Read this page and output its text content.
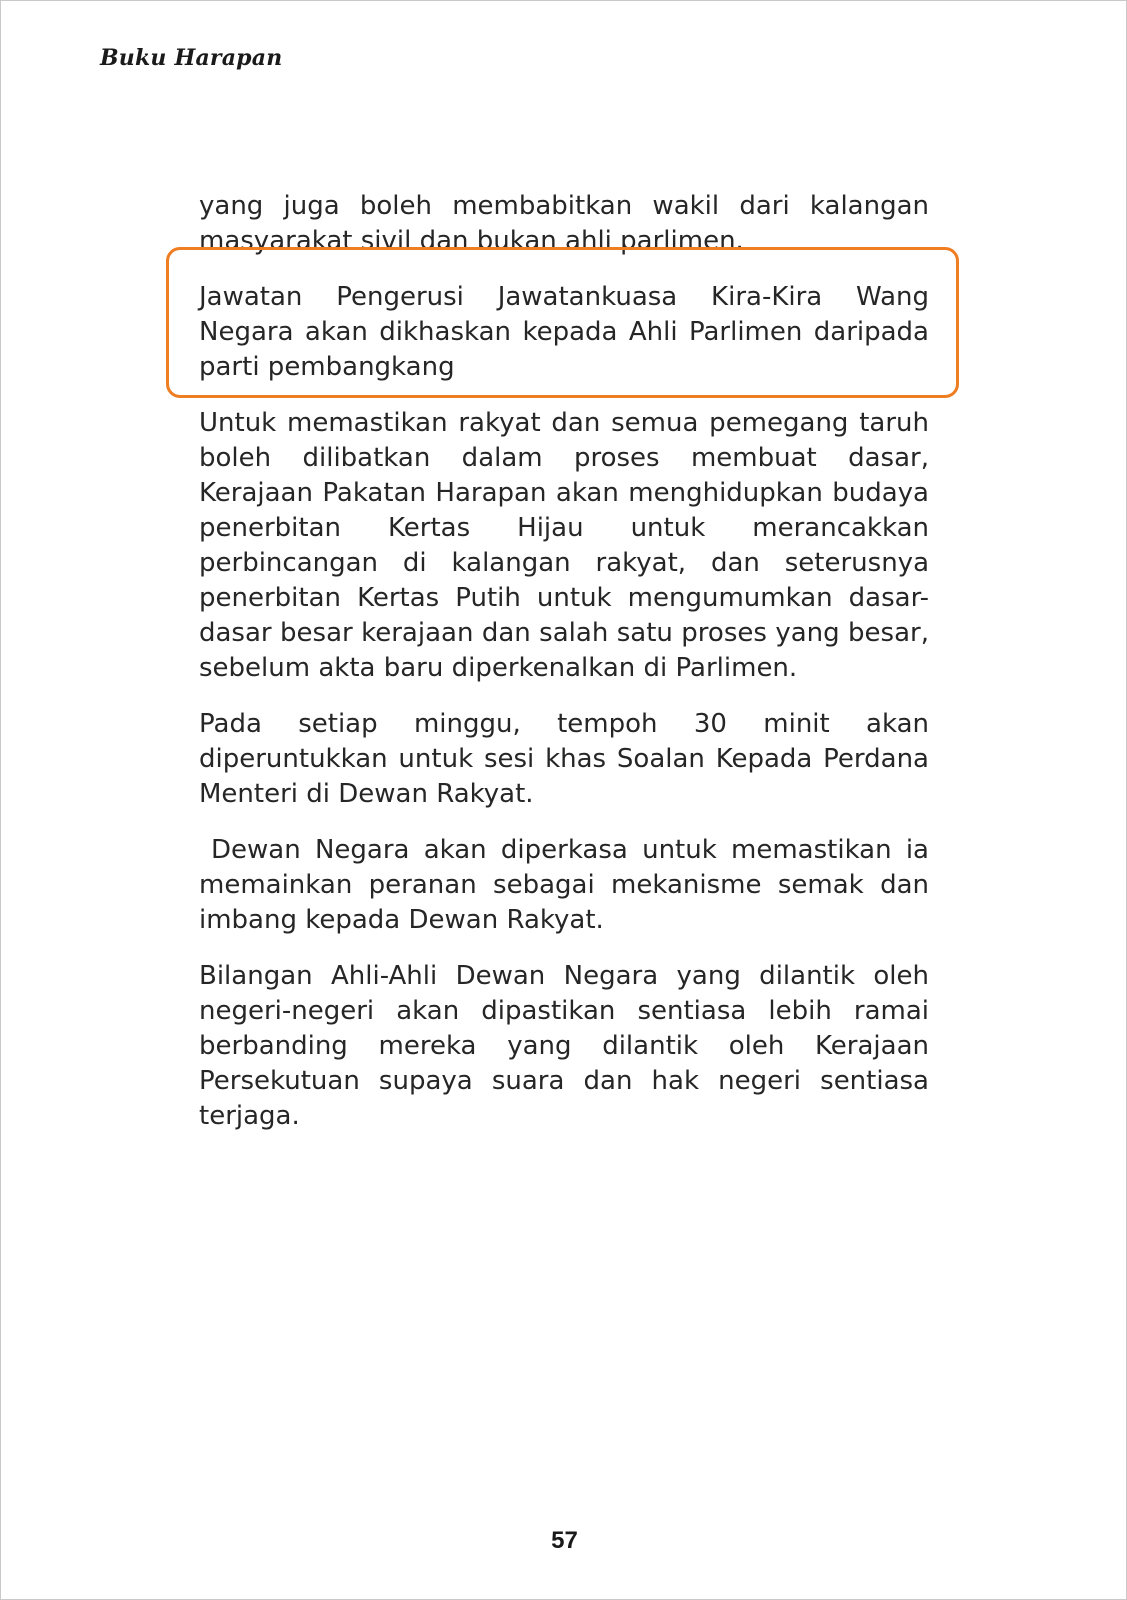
Buku Harapan

yang juga boleh membabitkan wakil dari kalangan masyarakat sivil dan bukan ahli parlimen.

Jawatan Pengerusi Jawatankuasa Kira-Kira Wang Negara akan dikhaskan kepada Ahli Parlimen daripada parti pembangkang

Untuk memastikan rakyat dan semua pemegang taruh boleh dilibatkan dalam proses membuat dasar, Kerajaan Pakatan Harapan akan menghidupkan budaya penerbitan Kertas Hijau untuk merancakkan perbincangan di kalangan rakyat, dan seterusnya penerbitan Kertas Putih untuk mengumumkan dasar-dasar besar kerajaan dan salah satu proses yang besar, sebelum akta baru diperkenalkan di Parlimen.

Pada setiap minggu, tempoh 30 minit akan diperuntukkan untuk sesi khas Soalan Kepada Perdana Menteri di Dewan Rakyat.

Dewan Negara akan diperkasa untuk memastikan ia memainkan peranan sebagai mekanisme semak dan imbang kepada Dewan Rakyat.

Bilangan Ahli-Ahli Dewan Negara yang dilantik oleh negeri-negeri akan dipastikan sentiasa lebih ramai berbanding mereka yang dilantik oleh Kerajaan Persekutuan supaya suara dan hak negeri sentiasa terjaga.

57
